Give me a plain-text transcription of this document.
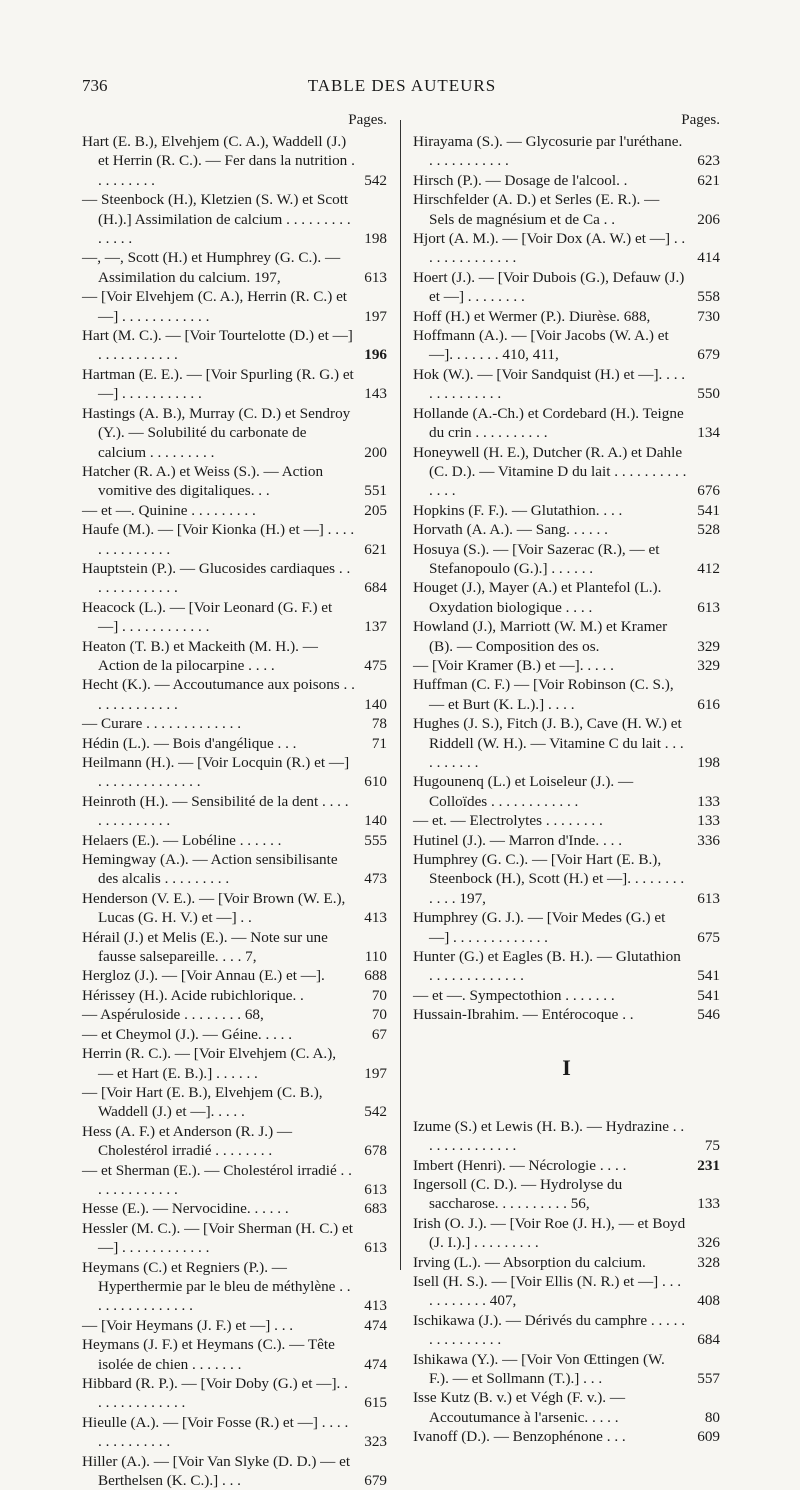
736	TABLE DES AUTEURS
Pages.
Hart (E. B.), Elvehjem (C. A.), Waddell (J.) et Herrin (R. C.). — Fer dans la nutrition . . . . . . . . .	542
— Steenbock (H.), Kletzien (S. W.) et Scott (H.).] Assimilation de calcium . . . . . . . . . . . . . .	198
—, —, Scott (H.) et Humphrey (G. C.). — Assimilation du calcium. 197,	613
— [Voir Elvehjem (C. A.), Herrin (R. C.) et —] . . . . . . . . . . . .	197
Hart (M. C.). — [Voir Tourtelotte (D.) et —] . . . . . . . . . . .	196
Hartman (E. E.). — [Voir Spurling (R. G.) et —] . . . . . . . . . . .	143
Hastings (A. B.), Murray (C. D.) et Sendroy (Y.). — Solubilité du carbonate de calcium . . . . . . . . .	200
Hatcher (R. A.) et Weiss (S.). — Action vomitive des digitaliques. . .	551
— et —. Quinine . . . . . . . . .	205
Haufe (M.). — [Voir Kionka (H.) et —] . . . . . . . . . . . . . .	621
Hauptstein (P.). — Glucosides cardiaques . . . . . . . . . . . . .	684
Heacock (L.). — [Voir Leonard (G. F.) et —] . . . . . . . . . . . .	137
Heaton (T. B.) et Mackeith (M. H.). — Action de la pilocarpine . . . .	475
Hecht (K.). — Accoutumance aux poisons . . . . . . . . . . . . .	140
— Curare . . . . . . . . . . . . .	78
Hédin (L.). — Bois d'angélique . . .	71
Heilmann (H.). — [Voir Locquin (R.) et —] . . . . . . . . . . . . . .	610
Heinroth (H.). — Sensibilité de la dent . . . . . . . . . . . . . .	140
Helaers (E.). — Lobéline . . . . . .	555
Hemingway (A.). — Action sensibilisante des alcalis . . . . . . . . .	473
Henderson (V. E.). — [Voir Brown (W. E.), Lucas (G. H. V.) et —] . .	413
Hérail (J.) et Melis (E.). — Note sur une fausse salsepareille. . . . 7,	110
Hergloz (J.). — [Voir Annau (E.) et —].	688
Hérissey (H.). Acide rubichlorique. .	70
— Aspéruloside . . . . . . . . 68,	70
— et Cheymol (J.). — Géine. . . . .	67
Herrin (R. C.). — [Voir Elvehjem (C. A.), — et Hart (E. B.).] . . . . . .	197
— [Voir Hart (E. B.), Elvehjem (C. B.), Waddell (J.) et —]. . . . .	542
Hess (A. F.) et Anderson (R. J.) — Cholestérol irradié . . . . . . . .	678
— et Sherman (E.). — Cholestérol irradié . . . . . . . . . . . . .	613
Hesse (E.). — Nervocidine. . . . . .	683
Hessler (M. C.). — [Voir Sherman (H. C.) et —] . . . . . . . . . . . .	613
Heymans (C.) et Regniers (P.). — Hyperthermie par le bleu de méthylène . . . . . . . . . . . . . . .	413
— [Voir Heymans (J. F.) et —] . . .	474
Heymans (J. F.) et Heymans (C.). — Tête isolée de chien . . . . . . .	474
Hibbard (R. P.). — [Voir Doby (G.) et —]. . . . . . . . . . . . . .	615
Hieulle (A.). — [Voir Fosse (R.) et —] . . . . . . . . . . . . . .	323
Hiller (A.). — [Voir Van Slyke (D. D.) — et Berthelsen (K. C.).] . . .	679
Pages.
Hirayama (S.). — Glycosurie par l'uréthane. . . . . . . . . . . .	623
Hirsch (P.). — Dosage de l'alcool. .	621
Hirschfelder (A. D.) et Serles (E. R.). — Sels de magnésium et de Ca . .	206
Hjort (A. M.). — [Voir Dox (A. W.) et —] . . . . . . . . . . . . . .	414
Hoert (J.). — [Voir Dubois (G.), Defauw (J.) et —] . . . . . . . .	558
Hoff (H.) et Wermer (P.). Diurèse. 688,	730
Hoffmann (A.). — [Voir Jacobs (W. A.) et —]. . . . . . . 410, 411,	679
Hok (W.). — [Voir Sandquist (H.) et —]. . . . . . . . . . . . . .	550
Hollande (A.-Ch.) et Cordebard (H.). Teigne du crin . . . . . . . . . .	134
Honeywell (H. E.), Dutcher (R. A.) et Dahle (C. D.). — Vitamine D du lait . . . . . . . . . . . . . .	676
Hopkins (F. F.). — Glutathion. . . .	541
Horvath (A. A.). — Sang. . . . . .	528
Hosuya (S.). — [Voir Sazerac (R.), — et Stefanopoulo (G.).] . . . . . .	412
Houget (J.), Mayer (A.) et Plantefol (L.). Oxydation biologique . . . .	613
Howland (J.), Marriott (W. M.) et Kramer (B). — Composition des os.	329
— [Voir Kramer (B.) et —]. . . . .	329
Huffman (C. F.) — [Voir Robinson (C. S.), — et Burt (K. L.).] . . . .	616
Hughes (J. S.), Fitch (J. B.), Cave (H. W.) et Riddell (W. H.). — Vitamine C du lait . . . . . . . . . .	198
Hugounenq (L.) et Loiseleur (J.). — Colloïdes . . . . . . . . . . . .	133
— et. — Electrolytes . . . . . . . .	133
Hutinel (J.). — Marron d'Inde. . . .	336
Humphrey (G. C.). — [Voir Hart (E. B.), Steenbock (H.), Scott (H.) et —]. . . . . . . . . . . . 197,	613
Humphrey (G. J.). — [Voir Medes (G.) et —] . . . . . . . . . . . . .	675
Hunter (G.) et Eagles (B. H.). — Glutathion . . . . . . . . . . . . .	541
— et —. Sympectothion . . . . . . .	541
Hussain-Ibrahim. — Entérocoque . .	546
I
Izume (S.) et Lewis (H. B.). — Hydrazine . . . . . . . . . . . . . .	75
Imbert (Henri). — Nécrologie . . . .	231
Ingersoll (C. D.). — Hydrolyse du saccharose. . . . . . . . . . 56,	133
Irish (O. J.). — [Voir Roe (J. H.), — et Boyd (J. I.).] . . . . . . . . .	326
Irving (L.). — Absorption du calcium.	328
Isell (H. S.). — [Voir Ellis (N. R.) et —] . . . . . . . . . . . 407,	408
Ischikawa (J.). — Dérivés du camphre . . . . . . . . . . . . . . .	684
Ishikawa (Y.). — [Voir Von Œttingen (W. F.). — et Sollmann (T.).] . . .	557
Isse Kutz (B. v.) et Végh (F. v.). — Accoutumance à l'arsenic. . . . .	80
Ivanoff (D.). — Benzophénone . . .	609
